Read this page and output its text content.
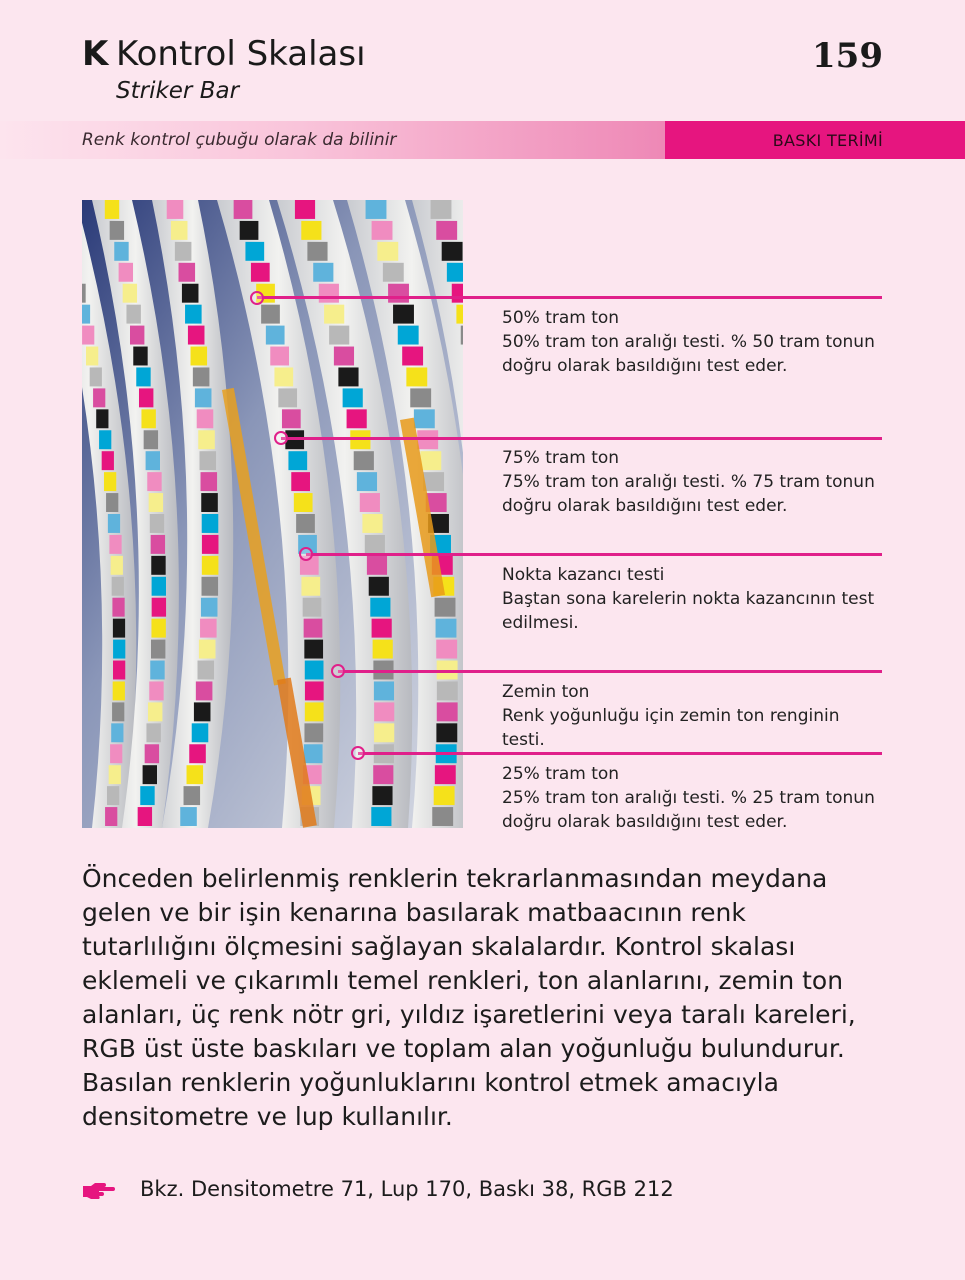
K Kontrol Skalası
Striker Bar
159
Renk kontrol çubuğu olarak da bilinir	BASKI TERİMİ
50% tram ton
50% tram ton aralığı testi. % 50 tram tonun doğru olarak basıldığını test eder.
75% tram ton
75% tram ton aralığı testi. % 75 tram tonun doğru olarak basıldığını test eder.
Nokta kazancı testi
Baştan sona karelerin nokta kazancının test edilmesi.
Zemin ton
Renk yoğunluğu için zemin ton renginin testi.
25% tram ton
25% tram ton aralığı testi. % 25 tram tonun doğru olarak basıldığını test eder.
Önceden belirlenmiş renklerin tekrarlanmasından meydana gelen ve bir işin kenarına basılarak matbaacının renk tutarlılığını ölçmesini sağlayan skalalardır. Kontrol skalası eklemeli ve çıkarımlı temel renkleri, ton alanlarını, zemin ton alanları, üç renk nötr gri, yıldız işaretlerini veya taralı kareleri, RGB üst üste baskıları ve toplam alan yoğunluğu bulundurur. Basılan renklerin yoğunluklarını kontrol etmek amacıyla densitometre ve lup kullanılır.
Bkz. Densitometre 71, Lup 170, Baskı 38, RGB 212
